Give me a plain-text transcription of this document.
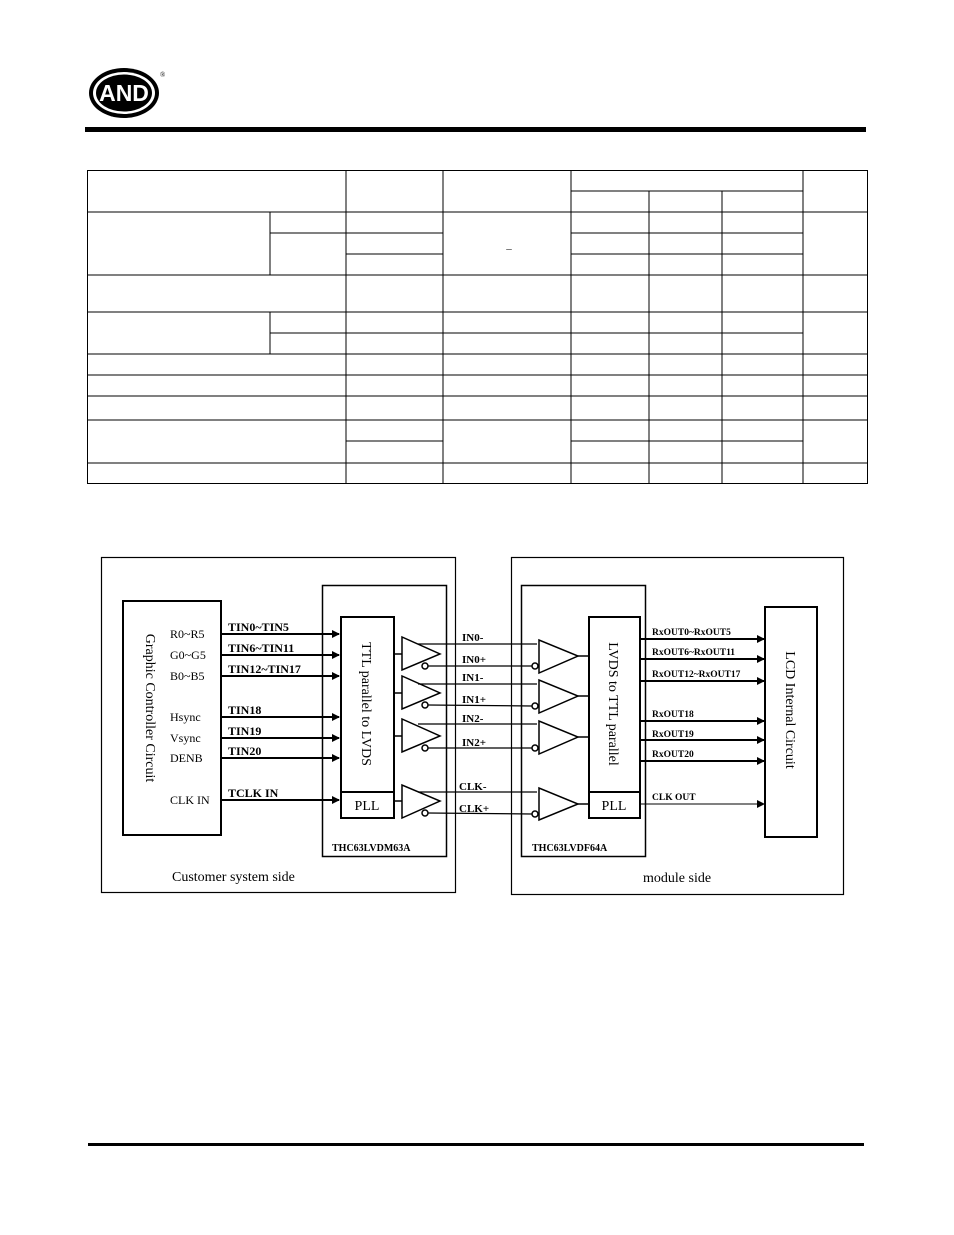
AND
®
–
Graphic Controller Circuit R0~R5
G0~G5
B0~B5
Hsync
Vsync
DENB
CLK IN
TTL parallel to LVDS
PLL
THC63LVDM63A
TIN0~TIN5
TIN6~TIN11
TIN12~TIN17
TIN18
TIN19
TIN20
TCLK IN
LVDS to TTL parallel
PLL
THC63LVDF64A
IN0-
IN0+
IN1-
IN1+
IN2-
IN2+
CLK-
CLK+
RxOUT0~RxOUT5
RxOUT6~RxOUT11
RxOUT12~RxOUT17
RxOUT18
RxOUT19
RxOUT20
CLK OUT
LCD Internal Circuit
Customer system side	module side
